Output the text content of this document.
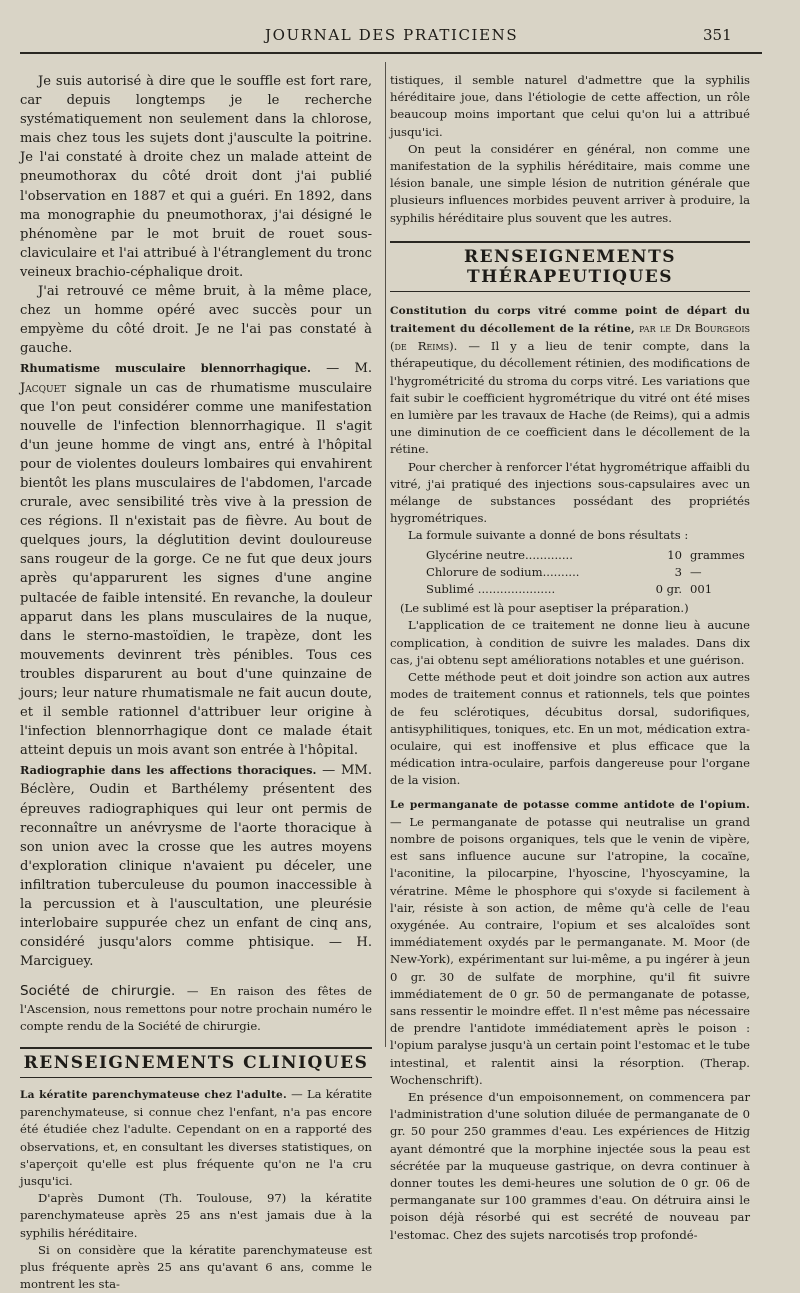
JOURNAL DES PRATICIENS	351

Je suis autorisé à dire que le souffle est fort rare, car depuis longtemps je le recherche systématiquement non seulement dans la chlorose, mais chez tous les sujets dont j'ausculte la poitrine. Je l'ai constaté à droite chez un malade atteint de pneumothorax du côté droit dont j'ai publié l'observation en 1887 et qui a guéri. En 1892, dans ma monographie du pneumothorax, j'ai désigné le phénomène par le mot bruit de rouet sous-claviculaire et l'ai attribué à l'étranglement du tronc veineux brachio-céphalique droit.

J'ai retrouvé ce même bruit, à la même place, chez un homme opéré avec succès pour un empyème du côté droit. Je ne l'ai pas constaté à gauche.

Rhumatisme musculaire blennorrhagique. — M. Jacquet signale un cas de rhumatisme musculaire que l'on peut considérer comme une manifestation nouvelle de l'infection blennorrhagique. Il s'agit d'un jeune homme de vingt ans, entré à l'hôpital pour de violentes douleurs lombaires qui envahirent bientôt les plans musculaires de l'abdomen, l'arcade crurale, avec sensibilité très vive à la pression de ces régions. Il n'existait pas de fièvre. Au bout de quelques jours, la déglutition devint douloureuse sans rougeur de la gorge. Ce ne fut que deux jours après qu'apparurent les signes d'une angine pultacée de faible intensité. En revanche, la douleur apparut dans les plans musculaires de la nuque, dans le sterno-mastoïdien, le trapèze, dont les mouvements devinrent très pénibles. Tous ces troubles disparurent au bout d'une quinzaine de jours; leur nature rhumatismale ne fait aucun doute, et il semble rationnel d'attribuer leur origine à l'infection blennorrhagique dont ce malade était atteint depuis un mois avant son entrée à l'hôpital.

Radiographie dans les affections thoraciques. — MM. Béclère, Oudin et Barthélemy présentent des épreuves radiographiques qui leur ont permis de reconnaître un anévrysme de l'aorte thoracique à son union avec la crosse que les autres moyens d'exploration clinique n'avaient pu déceler, une infiltration tuberculeuse du poumon inaccessible à la percussion et à l'auscultation, une pleurésie interlobaire suppurée chez un enfant de cinq ans, considéré jusqu'alors comme phtisique. — H. Marciguey.

Société de chirurgie. — En raison des fêtes de l'Ascension, nous remettons pour notre prochain numéro le compte rendu de la Société de chirurgie.

RENSEIGNEMENTS CLINIQUES

La kératite parenchymateuse chez l'adulte. — La kératite parenchymateuse, si connue chez l'enfant, n'a pas encore été étudiée chez l'adulte. Cependant on en a rapporté des observations, et, en consultant les diverses statistiques, on s'aperçoit qu'elle est plus fréquente qu'on ne l'a cru jusqu'ici.

D'après Dumont (Th. Toulouse, 97) la kératite parenchymateuse après 25 ans n'est jamais due à la syphilis héréditaire.

Si on considère que la kératite parenchymateuse est plus fréquente après 25 ans qu'avant 6 ans, comme le montrent les sta-

tistiques, il semble naturel d'admettre que la syphilis héréditaire joue, dans l'étiologie de cette affection, un rôle beaucoup moins important que celui qu'on lui a attribué jusqu'ici.

On peut la considérer en général, non comme une manifestation de la syphilis héréditaire, mais comme une lésion banale, une simple lésion de nutrition générale que plusieurs influences morbides peuvent arriver à produire, la syphilis héréditaire plus souvent que les autres.

RENSEIGNEMENTS THÉRAPEUTIQUES

Constitution du corps vitré comme point de départ du traitement du décollement de la rétine, par le Dr Bourgeois (de Reims). — Il y a lieu de tenir compte, dans la thérapeutique, du décollement rétinien, des modifications de l'hygrométricité du stroma du corps vitré. Les variations que fait subir le coefficient hygrométrique du vitré ont été mises en lumière par les travaux de Hache (de Reims), qui a admis une diminution de ce coefficient dans le décollement de la rétine.

Pour chercher à renforcer l'état hygrométrique affaibli du vitré, j'ai pratiqué des injections sous-capsulaires avec un mélange de substances possédant des propriétés hygrométriques.

La formule suivante a donné de bons résultats :

Glycérine neutre.............	10 grammes
Chlorure de sodium..........	3 —
Sublimé .....................	0 gr. 001

(Le sublimé est là pour aseptiser la préparation.)

L'application de ce traitement ne donne lieu à aucune complication, à condition de suivre les malades. Dans dix cas, j'ai obtenu sept améliorations notables et une guérison.

Cette méthode peut et doit joindre son action aux autres modes de traitement connus et rationnels, tels que pointes de feu sclérotiques, décubitus dorsal, sudorifiques, antisyphilitiques, toniques, etc. En un mot, médication extra-oculaire, qui est inoffensive et plus efficace que la médication intra-oculaire, parfois dangereuse pour l'organe de la vision.

Le permanganate de potasse comme antidote de l'opium. — Le permanganate de potasse qui neutralise un grand nombre de poisons organiques, tels que le venin de vipère, est sans influence aucune sur l'atropine, la cocaïne, l'aconitine, la pilocarpine, l'hyoscine, l'hyoscyamine, la vératrine. Même le phosphore qui s'oxyde si facilement à l'air, résiste à son action, de même qu'à celle de l'eau oxygénée. Au contraire, l'opium et ses alcaloïdes sont immédiatement oxydés par le permanganate. M. Moor (de New-York), expérimentant sur lui-même, a pu ingérer à jeun 0 gr. 30 de sulfate de morphine, qu'il fit suivre immédiatement de 0 gr. 50 de permanganate de potasse, sans ressentir le moindre effet. Il n'est même pas nécessaire de prendre l'antidote immédiatement après le poison : l'opium paralyse jusqu'à un certain point l'estomac et le tube intestinal, et ralentit ainsi la résorption. (Therap. Wochenschrift).

En présence d'un empoisonnement, on commencera par l'administration d'une solution diluée de permanganate de 0 gr. 50 pour 250 grammes d'eau. Les expériences de Hitzig ayant démontré que la morphine injectée sous la peau est sécrétée par la muqueuse gastrique, on devra continuer à donner toutes les demi-heures une solution de 0 gr. 06 de permanganate sur 100 grammes d'eau. On détruira ainsi le poison déjà résorbé qui est secrété de nouveau par l'estomac. Chez des sujets narcotisés trop profondé-
